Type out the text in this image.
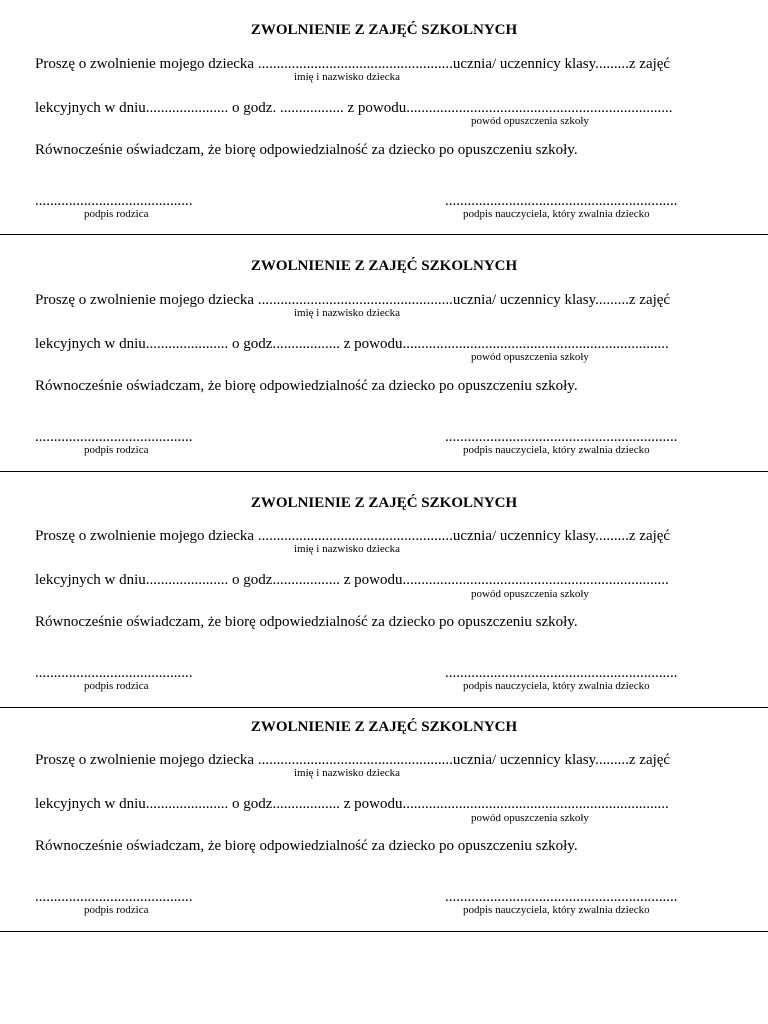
ZWOLNIENIE Z ZAJĘĆ SZKOLNYCH
Proszę o zwolnienie mojego dziecka ....................................................ucznia/ uczennicy klasy.........z zajęć
imię i nazwisko dziecka
lekcyjnych w dniu...................... o godz. ................. z powodu.......................................................................
powód opuszczenia szkoły
Równocześnie oświadczam, że biorę odpowiedzialność za dziecko po opuszczeniu szkoły.
..........................................
podpis rodzica
..............................................................
podpis nauczyciela, który zwalnia dziecko
ZWOLNIENIE Z ZAJĘĆ SZKOLNYCH
Proszę o zwolnienie mojego dziecka ....................................................ucznia/ uczennicy klasy.........z zajęć
imię i nazwisko dziecka
lekcyjnych w dniu...................... o godz.................. z powodu.......................................................................
powód opuszczenia szkoły
Równocześnie oświadczam, że biorę odpowiedzialność za dziecko po opuszczeniu szkoły.
..........................................
podpis rodzica
..............................................................
podpis nauczyciela, który zwalnia dziecko
ZWOLNIENIE Z ZAJĘĆ SZKOLNYCH
Proszę o zwolnienie mojego dziecka ....................................................ucznia/ uczennicy klasy.........z zajęć
imię i nazwisko dziecka
lekcyjnych w dniu...................... o godz.................. z powodu.......................................................................
powód opuszczenia szkoły
Równocześnie oświadczam, że biorę odpowiedzialność za dziecko po opuszczeniu szkoły.
..........................................
podpis rodzica
..............................................................
podpis nauczyciela, który zwalnia dziecko
ZWOLNIENIE Z ZAJĘĆ SZKOLNYCH
Proszę o zwolnienie mojego dziecka ....................................................ucznia/ uczennicy klasy.........z zajęć
imię i nazwisko dziecka
lekcyjnych w dniu...................... o godz.................. z powodu.......................................................................
powód opuszczenia szkoły
Równocześnie oświadczam, że biorę odpowiedzialność za dziecko po opuszczeniu szkoły.
..........................................
podpis rodzica
..............................................................
podpis nauczyciela, który zwalnia dziecko
